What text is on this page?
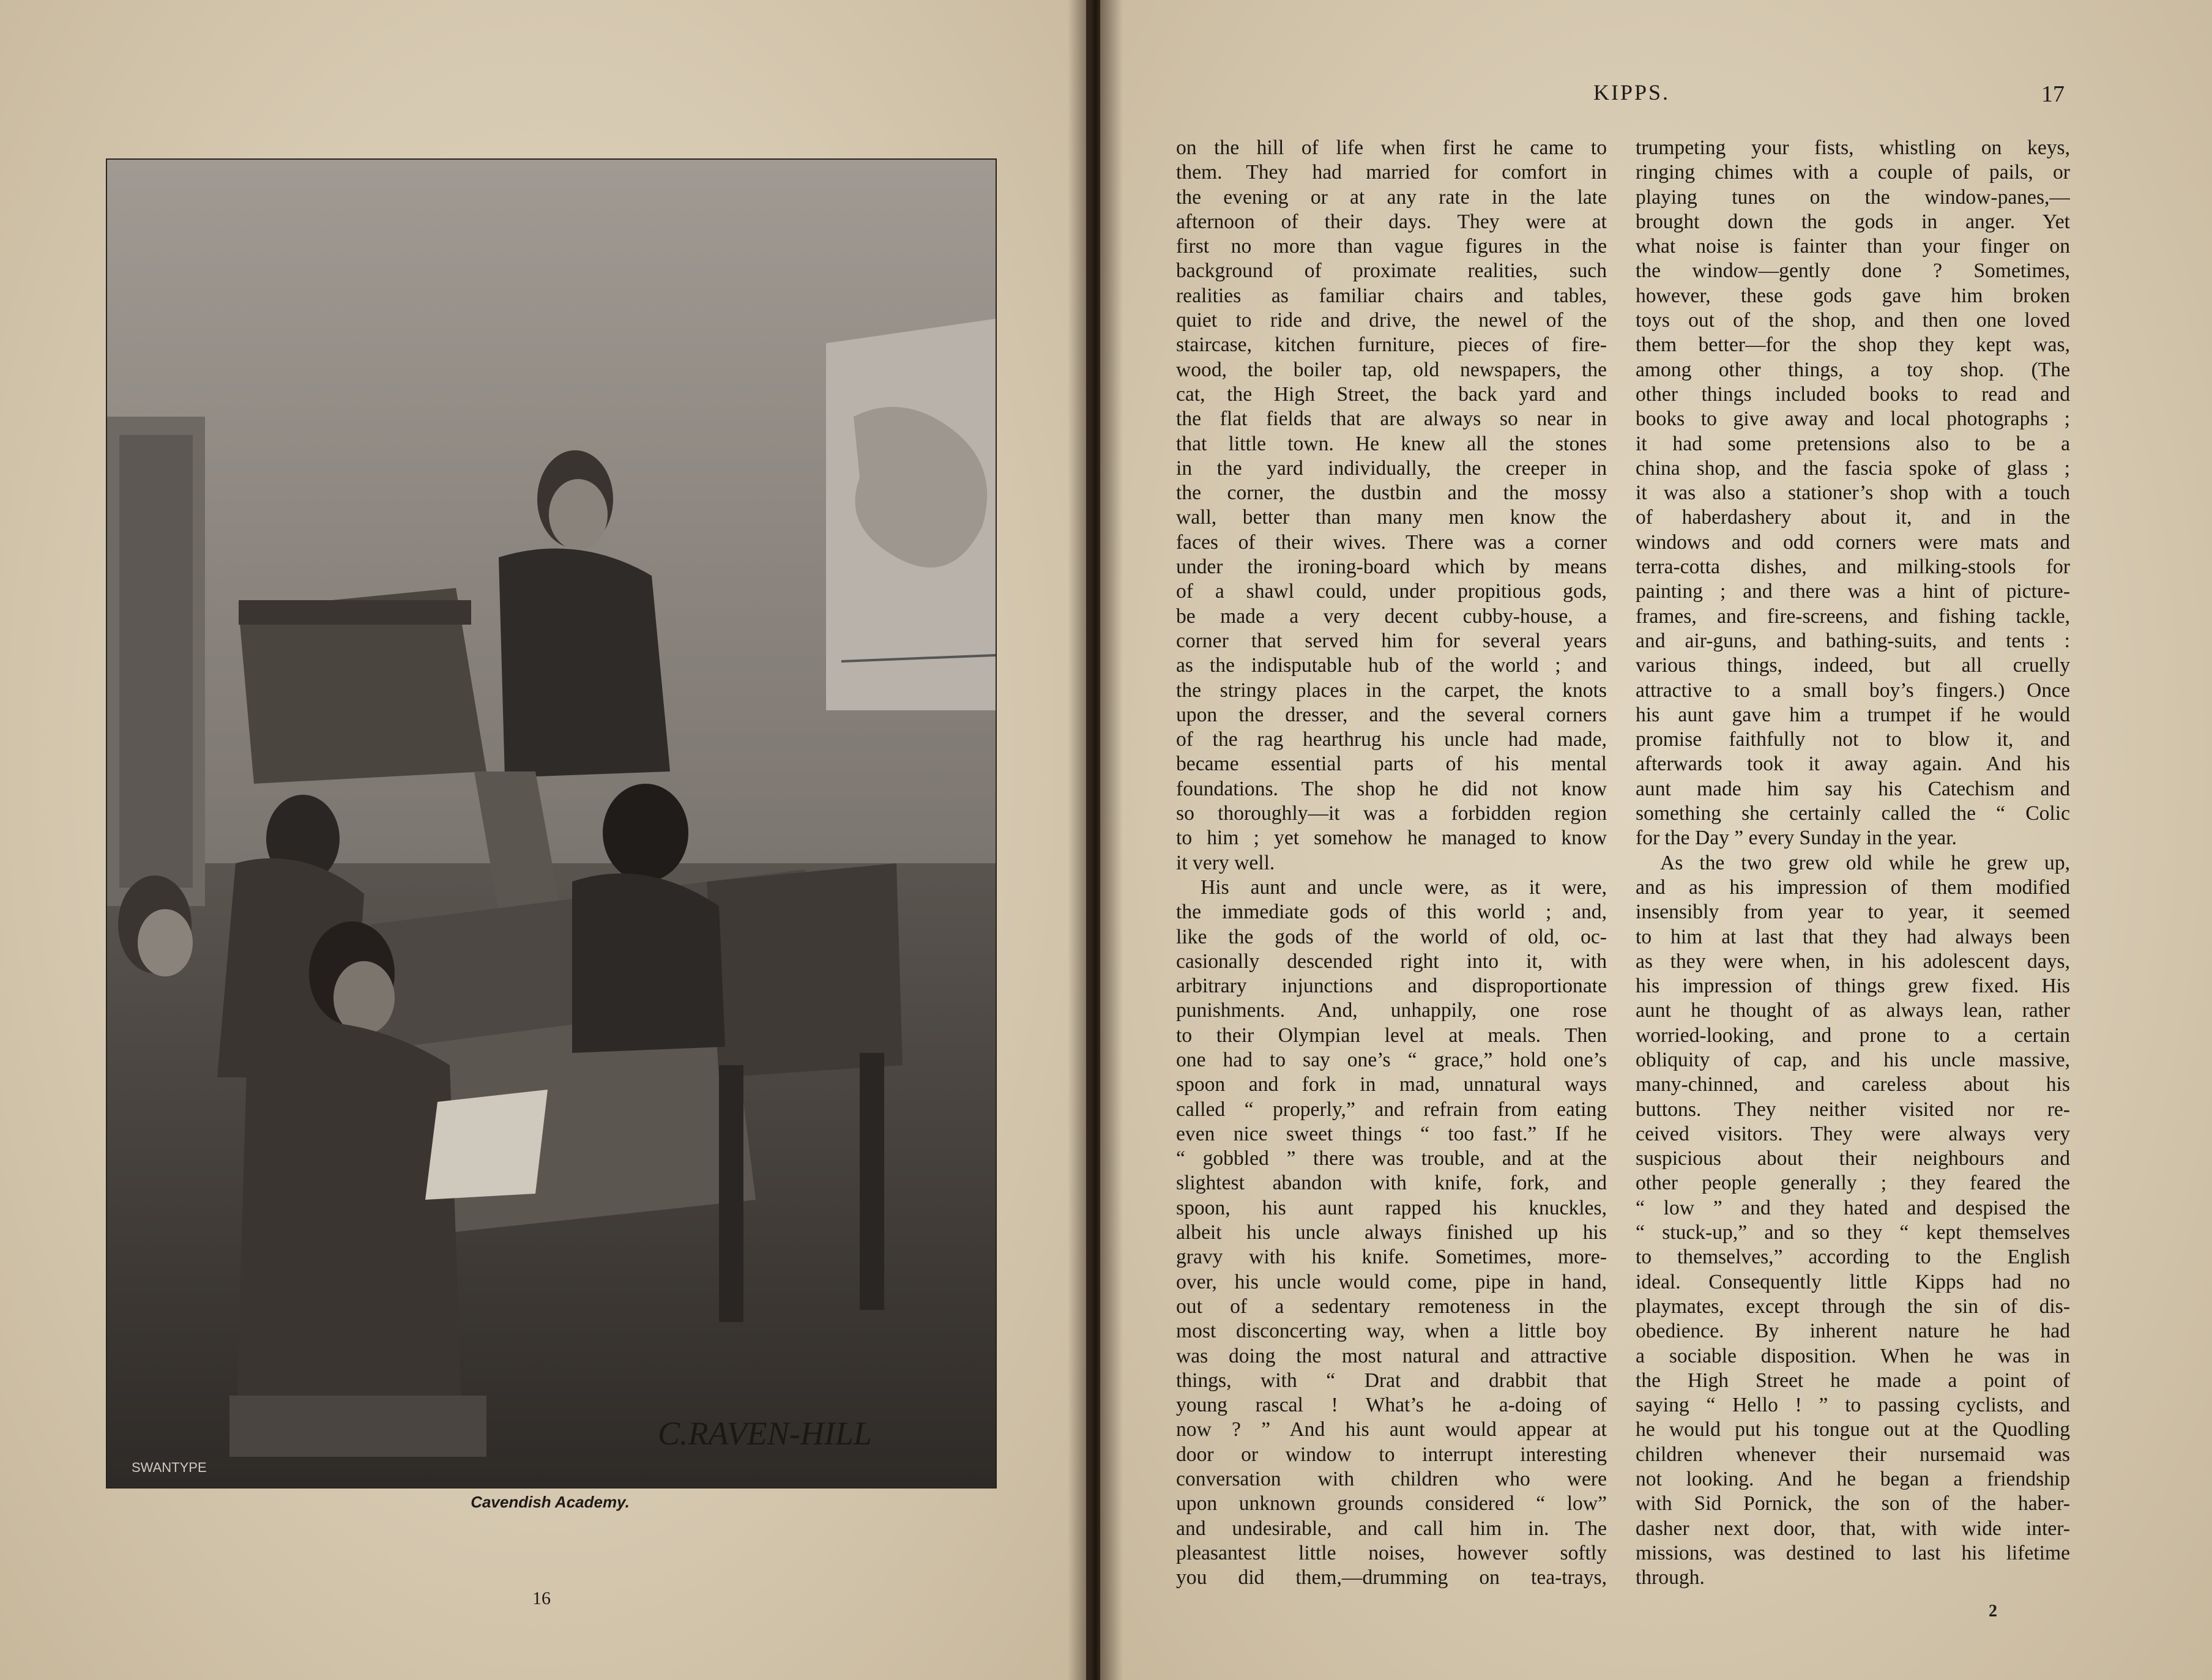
C.RAVEN-HILL
SWANTYPE
Cavendish Academy.
16
KIPPS.	17
on the hill of life when first he came to
them. They had married for comfort in
the evening or at any rate in the late
afternoon of their days. They were at
first no more than vague figures in the
background of proximate realities, such
realities as familiar chairs and tables,
quiet to ride and drive, the newel of the
staircase, kitchen furniture, pieces of fire-
wood, the boiler tap, old newspapers, the
cat, the High Street, the back yard and
the flat fields that are always so near in
that little town. He knew all the stones
in the yard individually, the creeper in
the corner, the dustbin and the mossy
wall, better than many men know the
faces of their wives. There was a corner
under the ironing-board which by means
of a shawl could, under propitious gods,
be made a very decent cubby-house, a
corner that served him for several years
as the indisputable hub of the world ; and
the stringy places in the carpet, the knots
upon the dresser, and the several corners
of the rag hearthrug his uncle had made,
became essential parts of his mental
foundations. The shop he did not know
so thoroughly—it was a forbidden region
to him ; yet somehow he managed to know
it very well.
His aunt and uncle were, as it were,
the immediate gods of this world ; and,
like the gods of the world of old, oc-
casionally descended right into it, with
arbitrary injunctions and disproportionate
punishments. And, unhappily, one rose
to their Olympian level at meals. Then
one had to say one’s “ grace,” hold one’s
spoon and fork in mad, unnatural ways
called “ properly,” and refrain from eating
even nice sweet things “ too fast.” If he
“ gobbled ” there was trouble, and at the
slightest abandon with knife, fork, and
spoon, his aunt rapped his knuckles,
albeit his uncle always finished up his
gravy with his knife. Sometimes, more-
over, his uncle would come, pipe in hand,
out of a sedentary remoteness in the
most disconcerting way, when a little boy
was doing the most natural and attractive
things, with “ Drat and drabbit that
young rascal ! What’s he a-doing of
now ? ” And his aunt would appear at
door or window to interrupt interesting
conversation with children who were
upon unknown grounds considered “ low”
and undesirable, and call him in. The
pleasantest little noises, however softly
you did them,—drumming on tea-trays,
trumpeting your fists, whistling on keys,
ringing chimes with a couple of pails, or
playing tunes on the window-panes,—
brought down the gods in anger. Yet
what noise is fainter than your finger on
the window—gently done ? Sometimes,
however, these gods gave him broken
toys out of the shop, and then one loved
them better—for the shop they kept was,
among other things, a toy shop. (The
other things included books to read and
books to give away and local photographs ;
it had some pretensions also to be a
china shop, and the fascia spoke of glass ;
it was also a stationer’s shop with a touch
of haberdashery about it, and in the
windows and odd corners were mats and
terra-cotta dishes, and milking-stools for
painting ; and there was a hint of picture-
frames, and fire-screens, and fishing tackle,
and air-guns, and bathing-suits, and tents :
various things, indeed, but all cruelly
attractive to a small boy’s fingers.) Once
his aunt gave him a trumpet if he would
promise faithfully not to blow it, and
afterwards took it away again. And his
aunt made him say his Catechism and
something she certainly called the “ Colic
for the Day ” every Sunday in the year.
As the two grew old while he grew up,
and as his impression of them modified
insensibly from year to year, it seemed
to him at last that they had always been
as they were when, in his adolescent days,
his impression of things grew fixed. His
aunt he thought of as always lean, rather
worried-looking, and prone to a certain
obliquity of cap, and his uncle massive,
many-chinned, and careless about his
buttons. They neither visited nor re-
ceived visitors. They were always very
suspicious about their neighbours and
other people generally ; they feared the
“ low ” and they hated and despised the
“ stuck-up,” and so they “ kept themselves
to themselves,” according to the English
ideal. Consequently little Kipps had no
playmates, except through the sin of dis-
obedience. By inherent nature he had
a sociable disposition. When he was in
the High Street he made a point of
saying “ Hello ! ” to passing cyclists, and
he would put his tongue out at the Quodling
children whenever their nursemaid was
not looking. And he began a friendship
with Sid Pornick, the son of the haber-
dasher next door, that, with wide inter-
missions, was destined to last his lifetime
through.
2
